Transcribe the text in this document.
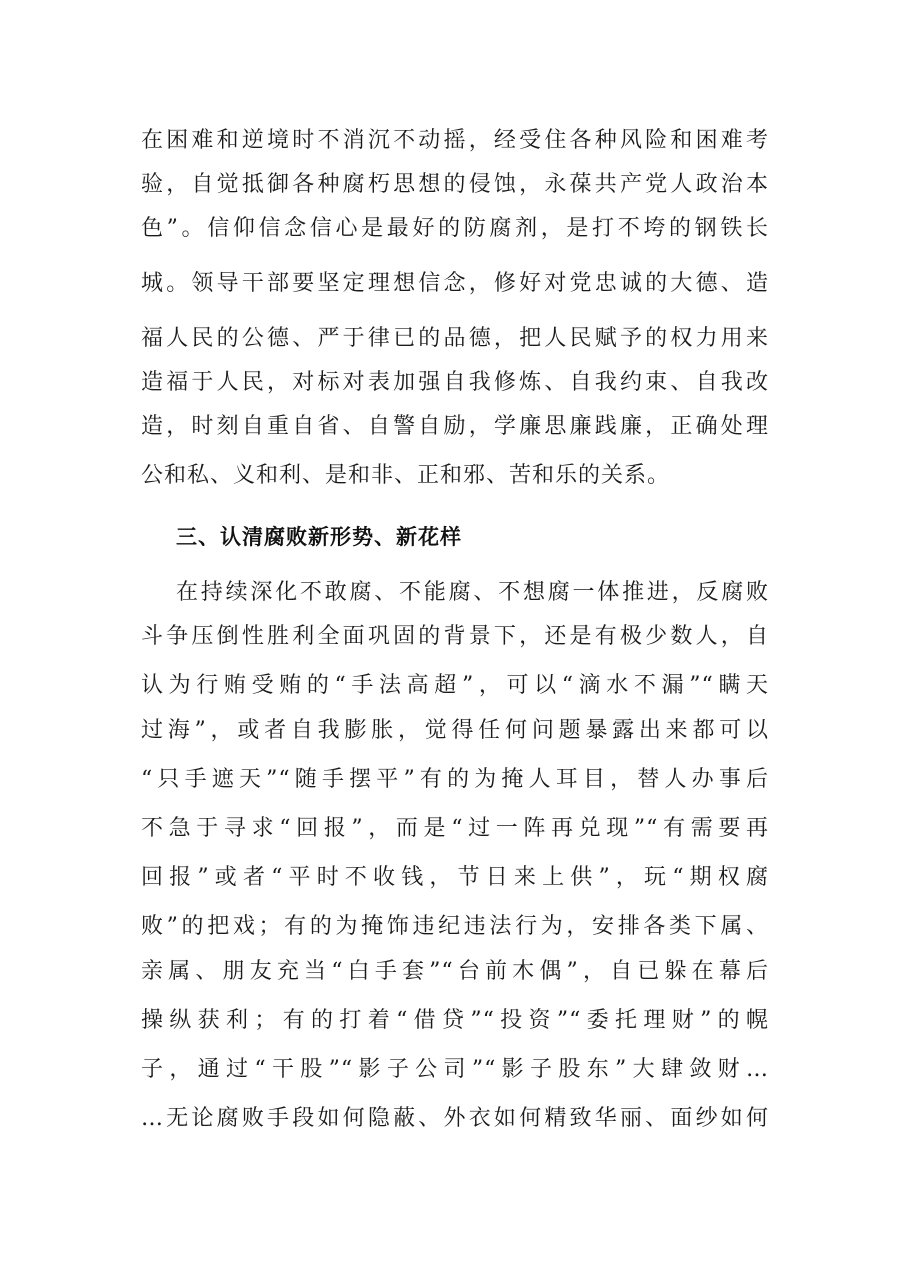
在困难和逆境时不消沉不动摇，经受住各种风险和困难考
验，自觉抵御各种腐朽思想的侵蚀，永葆共产党人政治本
色”。信仰信念信心是最好的防腐剂，是打不垮的钢铁长
城。领导干部要坚定理想信念，修好对党忠诚的大德、造
福人民的公德、严于律已的品德，把人民赋予的权力用来
造福于人民，对标对表加强自我修炼、自我约束、自我改
造，时刻自重自省、自警自励，学廉思廉践廉，正确处理
公和私、义和利、是和非、正和邪、苦和乐的关系。
三、认清腐败新形势、新花样
在持续深化不敢腐、不能腐、不想腐一体推进，反腐败
斗争压倒性胜利全面巩固的背景下，还是有极少数人，自
认为行贿受贿的“手法高超”，可以“滴水不漏”“瞒天
过海”，或者自我膨胀，觉得任何问题暴露出来都可以
“只手遮天”“随手摆平”有的为掩人耳目，替人办事后
不急于寻求“回报”，而是“过一阵再兑现”“有需要再
回报”或者“平时不收钱，节日来上供”，玩“期权腐
败”的把戏；有的为掩饰违纪违法行为，安排各类下属、
亲属、朋友充当“白手套”“台前木偶”，自已躲在幕后
操纵获利；有的打着“借贷”“投资”“委托理财”的幌
子，通过“干股”“影子公司”“影子股东”大肆敛财…
…无论腐败手段如何隐蔽、外衣如何精致华丽、面纱如何
